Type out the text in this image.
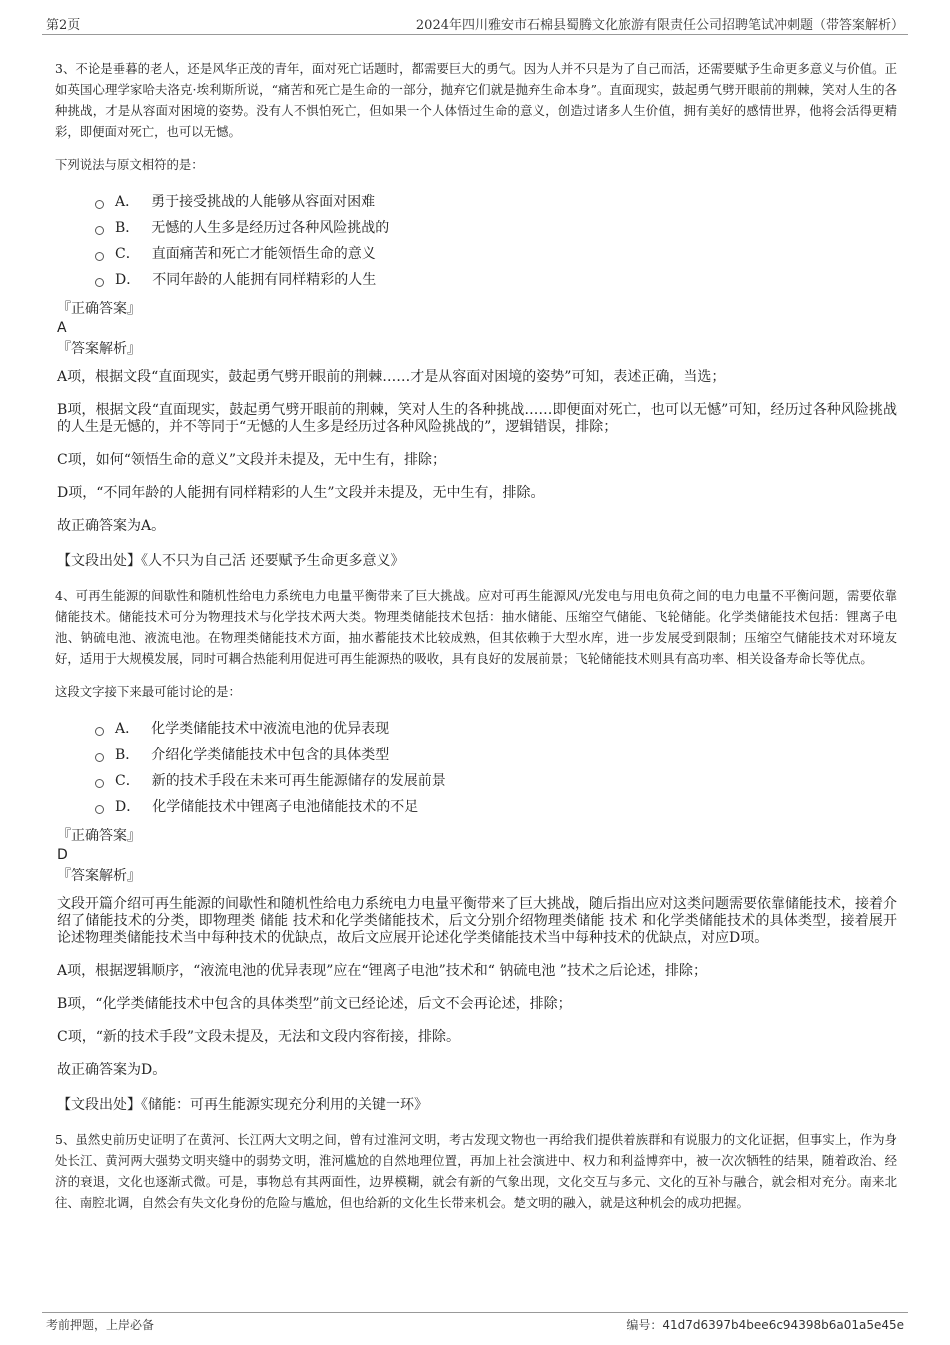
第2页	2024年四川雅安市石棉县蜀腾文化旅游有限责任公司招聘笔试冲刺题（带答案解析）

3、不论是垂暮的老人，还是风华正茂的青年，面对死亡话题时，都需要巨大的勇气。因为人并不只是为了自己而活，还需要赋予生命更多意义与价值。正如英国心理学家哈夫洛克·埃利斯所说，“痛苦和死亡是生命的一部分，抛弃它们就是抛弃生命本身”。直面现实，鼓起勇气劈开眼前的荆棘，笑对人生的各种挑战，才是从容面对困境的姿势。没有人不惧怕死亡，但如果一个人体悟过生命的意义，创造过诸多人生价值，拥有美好的感情世界，他将会活得更精彩，即便面对死亡，也可以无憾。

下列说法与原文相符的是：

A． 勇于接受挑战的人能够从容面对困难
B． 无憾的人生多是经历过各种风险挑战的
C． 直面痛苦和死亡才能领悟生命的意义
D． 不同年龄的人能拥有同样精彩的人生
『正确答案』
A
『答案解析』

A项，根据文段“直面现实，鼓起勇气劈开眼前的荆棘……才是从容面对困境的姿势”可知，表述正确，当选；

B项，根据文段“直面现实，鼓起勇气劈开眼前的荆棘，笑对人生的各种挑战……即便面对死亡，也可以无憾”可知，经历过各种风险挑战的人生是无憾的，并不等同于“无憾的人生多是经历过各种风险挑战的”，逻辑错误，排除；

C项，如何“领悟生命的意义”文段并未提及，无中生有，排除；

D项，“不同年龄的人能拥有同样精彩的人生”文段并未提及，无中生有，排除。

故正确答案为A。

【文段出处】《人不只为自己活 还要赋予生命更多意义》

4、可再生能源的间歇性和随机性给电力系统电力电量平衡带来了巨大挑战。应对可再生能源风/光发电与用电负荷之间的电力电量不平衡问题，需要依靠储能技术。储能技术可分为物理技术与化学技术两大类。物理类储能技术包括：抽水储能、压缩空气储能、飞轮储能。化学类储能技术包括：锂离子电池、钠硫电池、液流电池。在物理类储能技术方面，抽水蓄能技术比较成熟，但其依赖于大型水库，进一步发展受到限制；压缩空气储能技术对环境友好，适用于大规模发展，同时可耦合热能利用促进可再生能源热的吸收，具有良好的发展前景；飞轮储能技术则具有高功率、相关设备寿命长等优点。

这段文字接下来最可能讨论的是：

A． 化学类储能技术中液流电池的优异表现
B． 介绍化学类储能技术中包含的具体类型
C． 新的技术手段在未来可再生能源储存的发展前景
D． 化学储能技术中锂离子电池储能技术的不足
『正确答案』
D
『答案解析』

文段开篇介绍可再生能源的间歇性和随机性给电力系统电力电量平衡带来了巨大挑战，随后指出应对这类问题需要依靠储能技术，接着介绍了储能技术的分类，即物理类 储能 技术和化学类储能技术，后文分别介绍物理类储能 技术 和化学类储能技术的具体类型，接着展开论述物理类储能技术当中每种技术的优缺点，故后文应展开论述化学类储能技术当中每种技术的优缺点，对应D项。

A项，根据逻辑顺序，“液流电池的优异表现”应在“锂离子电池”技术和“ 钠硫电池 ”技术之后论述，排除；

B项，“化学类储能技术中包含的具体类型”前文已经论述，后文不会再论述，排除；

C项，“新的技术手段”文段未提及，无法和文段内容衔接，排除。

故正确答案为D。

【文段出处】《储能：可再生能源实现充分利用的关键一环》

5、虽然史前历史证明了在黄河、长江两大文明之间，曾有过淮河文明，考古发现文物也一再给我们提供着族群和有说服力的文化证据，但事实上，作为身处长江、黄河两大强势文明夹缝中的弱势文明，淮河尴尬的自然地理位置，再加上社会演进中、权力和利益博弈中，被一次次牺牲的结果，随着政治、经济的衰退，文化也逐渐式微。可是，事物总有其两面性，边界模糊，就会有新的气象出现，文化交互与多元、文化的互补与融合，就会相对充分。南来北往、南腔北调，自然会有失文化身份的危险与尴尬，但也给新的文化生长带来机会。楚文明的融入，就是这种机会的成功把握。

考前押题，上岸必备	编号：41d7d6397b4bee6c94398b6a01a5e45e
